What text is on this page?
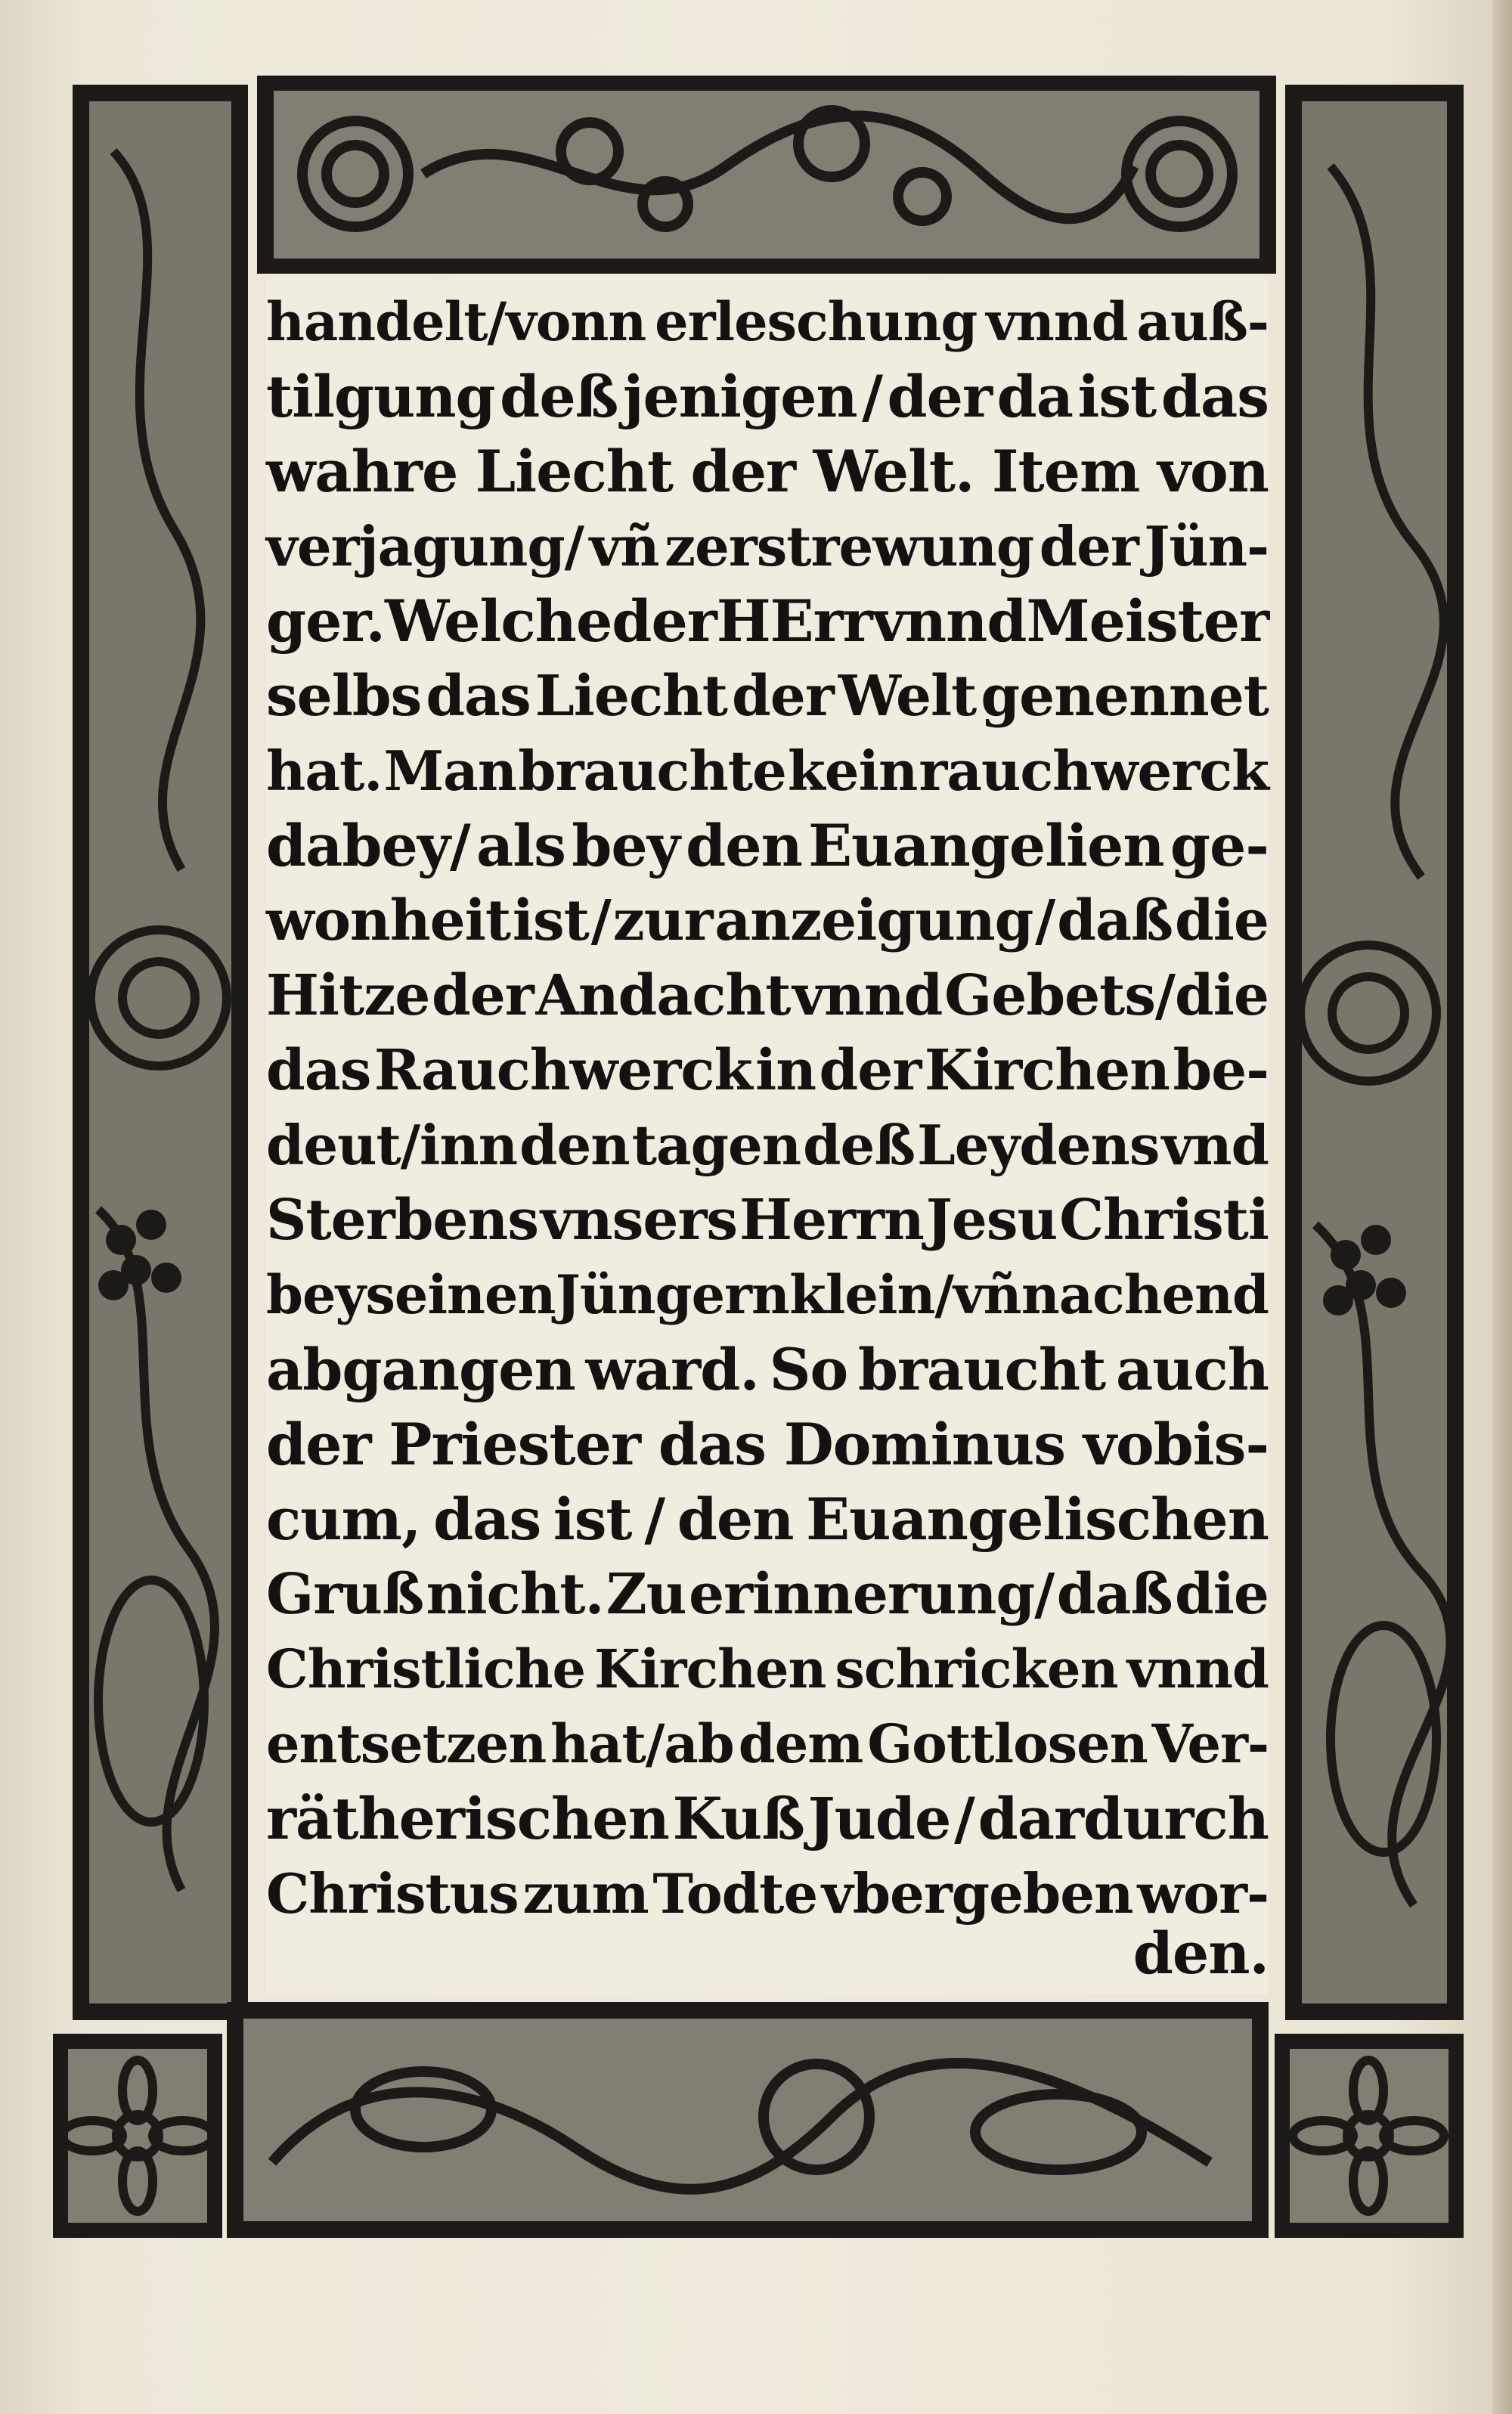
handelt/vonn erleschung vnnd auß-
tilgung deß jenigen / der da ist das
wahre Liecht der Welt. Item von
verjagung/ vñ zerstrewung der Jün-
ger. Welche der HErr vnnd Meister
selbs das Liecht der Welt genennet
hat. Man brauchte kein rauchwerck
dabey/ als bey den Euangelien ge-
wonheit ist / zur anzeigung / daß die
Hitze der Andacht vnnd Gebets/die
das Rauchwerck in der Kirchen be-
deut/inn den tagen deß Leydens vnd
Sterbens vnsers Herrn Jesu Christi
bey seinen Jüngern klein/vñ nachend
abgangen ward. So braucht auch
der Priester das Dominus vobis-
cum, das ist / den Euangelischen
Gruß nicht. Zu erinnerung/ daß die
Christliche Kirchen schricken vnnd
entsetzen hat/ab dem Gottlosen Ver-
rätherischen Kuß Jude / dardurch
Christus zum Todte vbergeben wor-
den.
